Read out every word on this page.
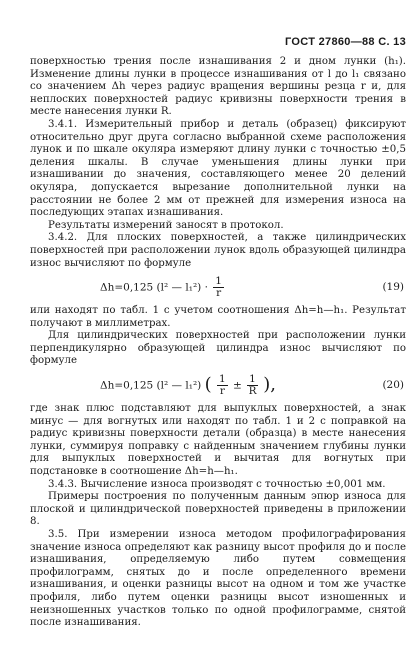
ГОСТ 27860—88 С. 13

поверхностью трения после изнашивания 2 и дном лунки (h₁). Изменение длины лунки в процессе изнашивания от l до l₁ связано со значением Δh через радиус вращения вершины резца r и, для неплоских поверхностей радиус кривизны поверхности трения в месте нанесения лунки R.

3.4.1. Измерительный прибор и деталь (образец) фиксируют относительно друг друга согласно выбранной схеме расположения лунок и по шкале окуляра измеряют длину лунки с точностью ±0,5 деления шкалы. В случае уменьшения длины лунки при изнашивании до значения, составляющего менее 20 делений окуляра, допускается вырезание дополнительной лунки на расстоянии не более 2 мм от прежней для измерения износа на последующих этапах изнашивания.

Результаты измерений заносят в протокол.

3.4.2. Для плоских поверхностей, а также цилиндрических поверхностей при расположении лунок вдоль образующей цилиндра износ вычисляют по формуле

Δh=0,125 (l² — $l_1^2) \cdot \frac{1}{r}$	(19)

или находят по табл. 1 с учетом соотношения Δh=h—h₁. Результат получают в миллиметрах.

Для цилиндрических поверхностей при расположении лунки перпендикулярно образующей цилиндра износ вычисляют по формуле

Δh=0,125 (l² — l₁²) ( $\frac{1}{r} \pm \frac{1}{R}$ ),	(20)

где знак плюс подставляют для выпуклых поверхностей, а знак минус — для вогнутых или находят по табл. 1 и 2 с поправкой на радиус кривизны поверхности детали (образца) в месте нанесения лунки, суммируя поправку с найденным значением глубины лунки для выпуклых поверхностей и вычитая для вогнутых при подстановке в соотношение Δh=h—h₁.

3.4.3. Вычисление износа производят с точностью ±0,001 мм.

Примеры построения по полученным данным эпюр износа для плоской и цилиндрической поверхностей приведены в приложении 8.

3.5. При измерении износа методом профилографирования значение износа определяют как разницу высот профиля до и после изнашивания, определяемую либо путем совмещения профилограмм, снятых до и после определенного времени изнашивания, и оценки разницы высот на одном и том же участке профиля, либо путем оценки разницы высот изношенных и неизношенных участков только по одной профилограмме, снятой после изнашивания.
